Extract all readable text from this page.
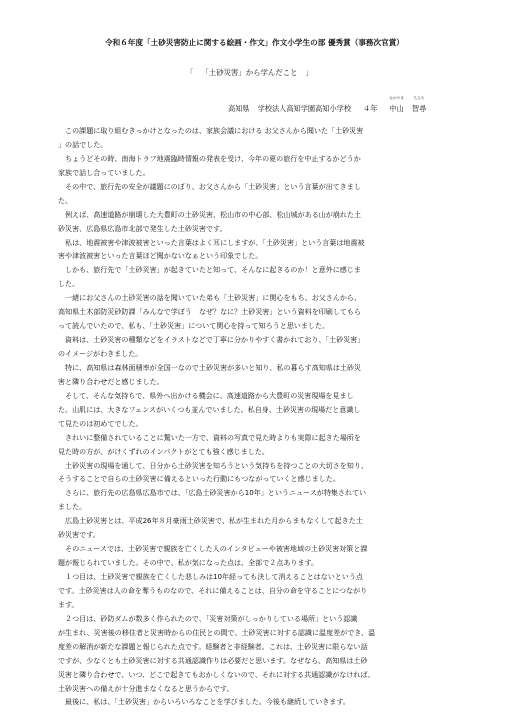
令和６年度「土砂災害防止に関する絵画・作文」作文小学生の部 優秀賞（事務次官賞）
「 「土砂災害」から学んだこと 」
高知県 学校法人高知学園高知小学校 ４年
なかやま
中山
ちひろ
智尋
　この課題に取り組むきっかけとなったのは、家族会議における お父さんから聞いた「土砂災害
」の話でした。
　ちょうどその時、南海トラフ地震臨時情報の発表を受け、今年の夏の旅行を中止するかどうか
家族で話し合っていました。
　その中で、旅行先の安全が議題にのぼり、お父さんから「土砂災害」という言葉が出てきまし
た。
　例えば、高速道路が崩壊した大豊町の土砂災害、松山市の中心部、松山城がある山が崩れた土
砂災害、広島県広島市北部で発生した土砂災害です。
　私は、地震被害や津波被害といった言葉はよく耳にしますが、「土砂災害」という言葉は地震被
害や津波被害といった言葉ほど聞かないなぁという印象でした。
　しかも、旅行先で「土砂災害」が起きていたと知って、そんなに起きるのか！と意外に感じま
した。
　一緒にお父さんの土砂災害の話を聞いていた弟も「土砂災害」に関心をもち、お父さんから、
高知県土木部防災砂防課「みんなで学ぼう　なぜ？なに？土砂災害」という資料を印刷してもら
って読んでいたので、私も、「土砂災害」について関心を持って知ろうと思いました。
　資料は、土砂災害の種類などをイラストなどで丁寧に分かりやすく書かれており、「土砂災害」
のイメージがわきました。
　特に、高知県は森林面積率が全国一なので土砂災害が多いと知り、私の暮らす高知県は土砂災
害と隣り合わせだと感じました。
　そして、そんな気持ちで、県外へ出かける機会に、高速道路から大豊町の災害現場を見まし
た。山肌には、大きなフェンスがいくつも並んでいました。私自身、土砂災害の現場だと意識し
て見たのは初めてでした。
　きれいに整備されていることに驚いた一方で、資料の写真で見た時よりも実際に起きた場所を
見た時の方が、がけくずれのインパクトがとても強く感じました。
　土砂災害の現場を通して、日分から土砂災害を知ろうという気持ちを持つことの大切さを知り、
そうすることで自らの土砂災害に備えるといった行動にもつながっていくと感じました。
　さらに、旅行先の広島県広島市では、「広島土砂災害から10年」というニュースが特集されてい
ました。
　広島土砂災害とは、平成26年８月豪雨土砂災害で、私が生まれた月からまもなくして起きた土
砂災害です。
　そのニュースでは、土砂災害で親族を亡くした人のインタビューや被害地域の土砂災害対策と課
題が報じられていました。その中で、私が気になった点は、全部で２点あります。
　１つ目は、土砂災害で親族を亡くした悲しみは10年経っても決して消えることはないという点
です。土砂災害は人の命を奪うものなので、それに備えることは、自分の命を守ることにつながり
ます。
　２つ目は、砂防ダムが数多く作られたので、「災害対策がしっかりしている場所」という認識
が生まれ、災害後の移住者と災害時からの住民との間で、土砂災害に対する認識に温度差ができ、温
度差の解消が新たな課題と報じられた点です。経験者と非経験者。これは、土砂災害に限らない話
ですが、少なくとも土砂災害に対する共通認識作りは必要だと思います。なぜなら、高知県は土砂
災害と隣り合わせで、いつ、どこで起きてもおかしくないので、それに対する共通認識がなければ、
土砂災害への備えが十分進まなくなると思うからです。
　最後に、私は、「土砂災害」からいろいろなことを学びました。今後も継続していきます。
